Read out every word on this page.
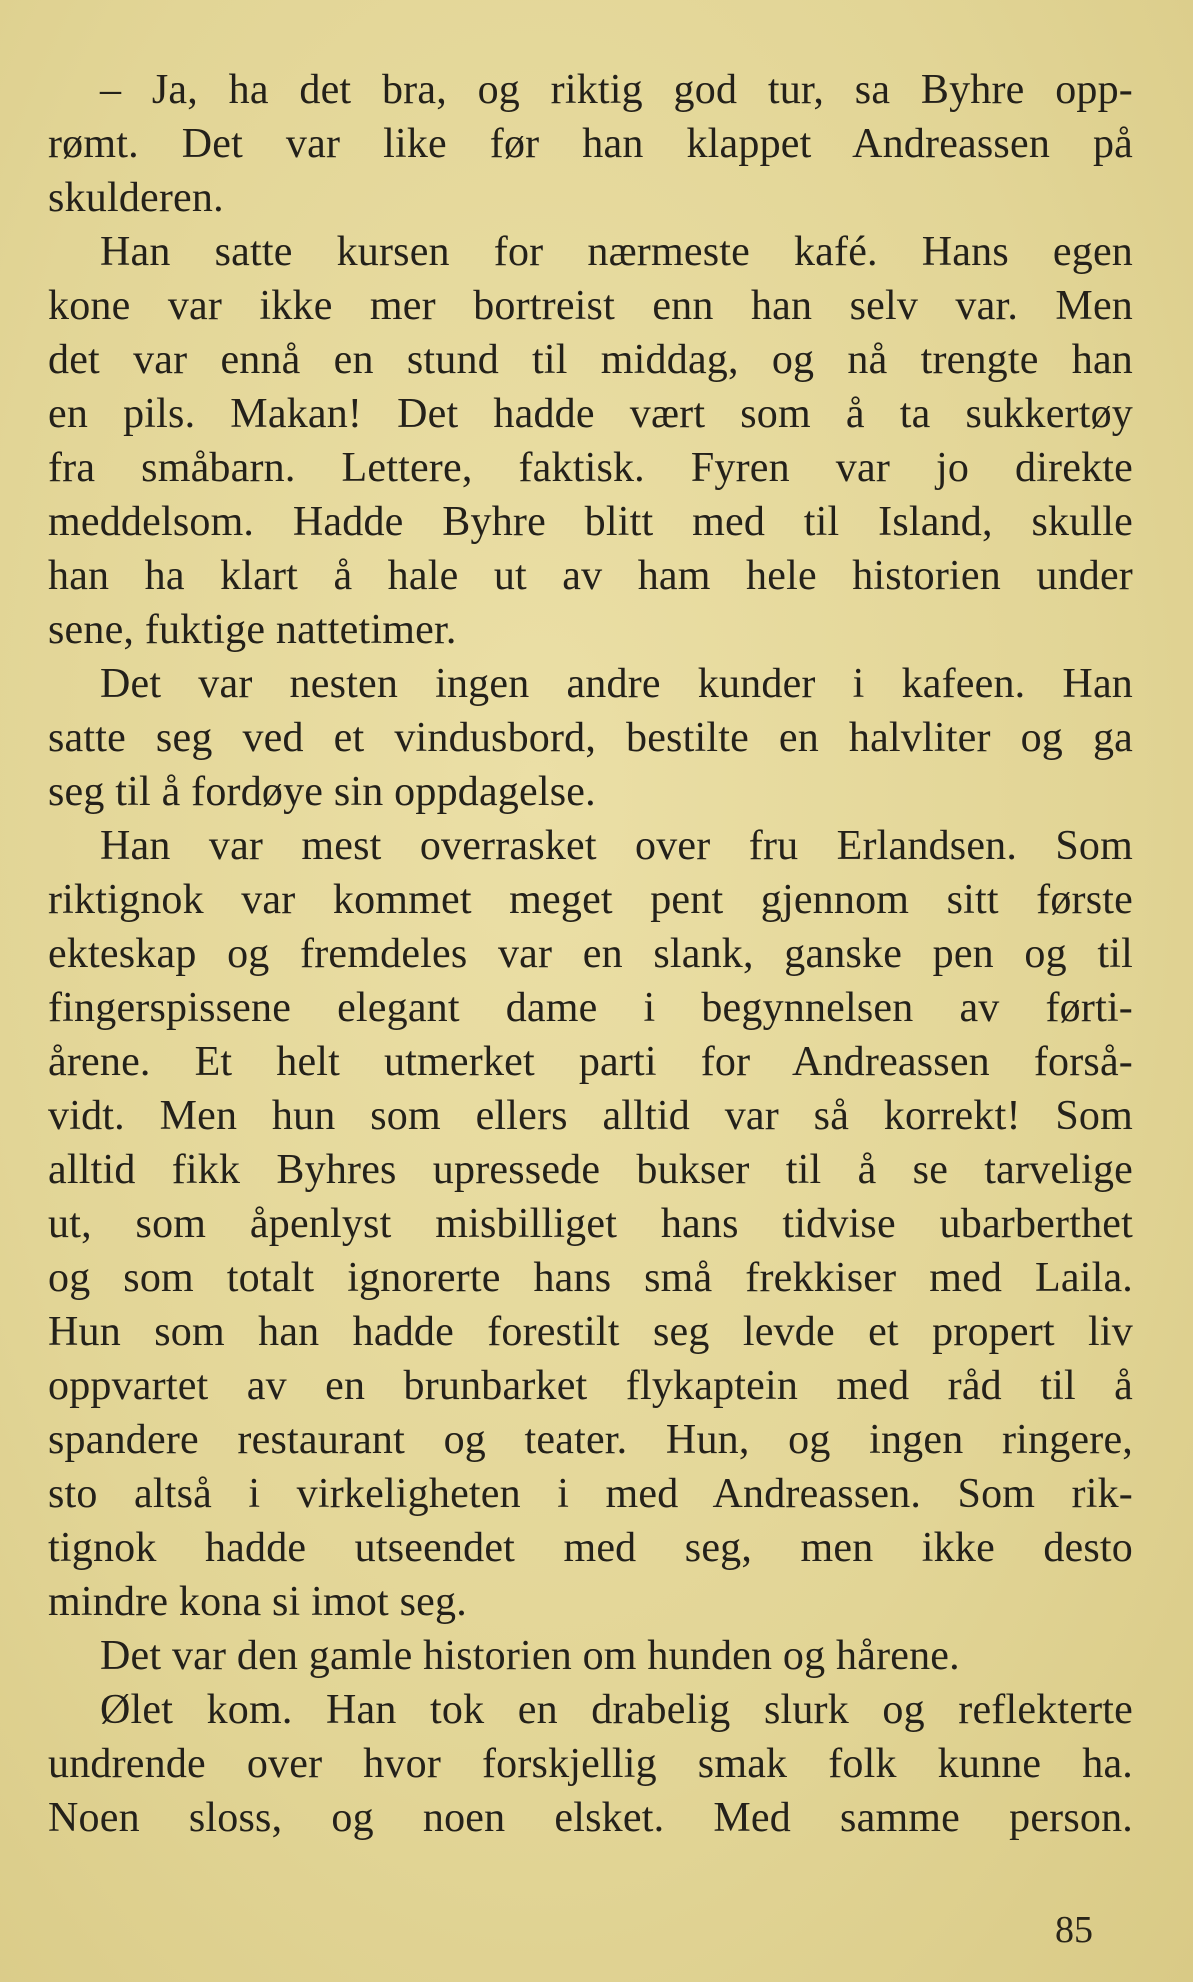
– Ja, ha det bra, og riktig god tur, sa Byhre opp-
rømt. Det var like før han klappet Andreassen på
skulderen.
Han satte kursen for nærmeste kafé. Hans egen
kone var ikke mer bortreist enn han selv var. Men
det var ennå en stund til middag, og nå trengte han
en pils. Makan! Det hadde vært som å ta sukkertøy
fra småbarn. Lettere, faktisk. Fyren var jo direkte
meddelsom. Hadde Byhre blitt med til Island, skulle
han ha klart å hale ut av ham hele historien under
sene, fuktige nattetimer.
Det var nesten ingen andre kunder i kafeen. Han
satte seg ved et vindusbord, bestilte en halvliter og ga
seg til å fordøye sin oppdagelse.
Han var mest overrasket over fru Erlandsen. Som
riktignok var kommet meget pent gjennom sitt første
ekteskap og fremdeles var en slank, ganske pen og til
fingerspissene elegant dame i begynnelsen av førti-
årene. Et helt utmerket parti for Andreassen forså-
vidt. Men hun som ellers alltid var så korrekt! Som
alltid fikk Byhres upressede bukser til å se tarvelige
ut, som åpenlyst misbilliget hans tidvise ubarberthet
og som totalt ignorerte hans små frekkiser med Laila.
Hun som han hadde forestilt seg levde et propert liv
oppvartet av en brunbarket flykaptein med råd til å
spandere restaurant og teater. Hun, og ingen ringere,
sto altså i virkeligheten i med Andreassen. Som rik-
tignok hadde utseendet med seg, men ikke desto
mindre kona si imot seg.
Det var den gamle historien om hunden og hårene.
Ølet kom. Han tok en drabelig slurk og reflekterte
undrende over hvor forskjellig smak folk kunne ha.
Noen sloss, og noen elsket. Med samme person.
85
